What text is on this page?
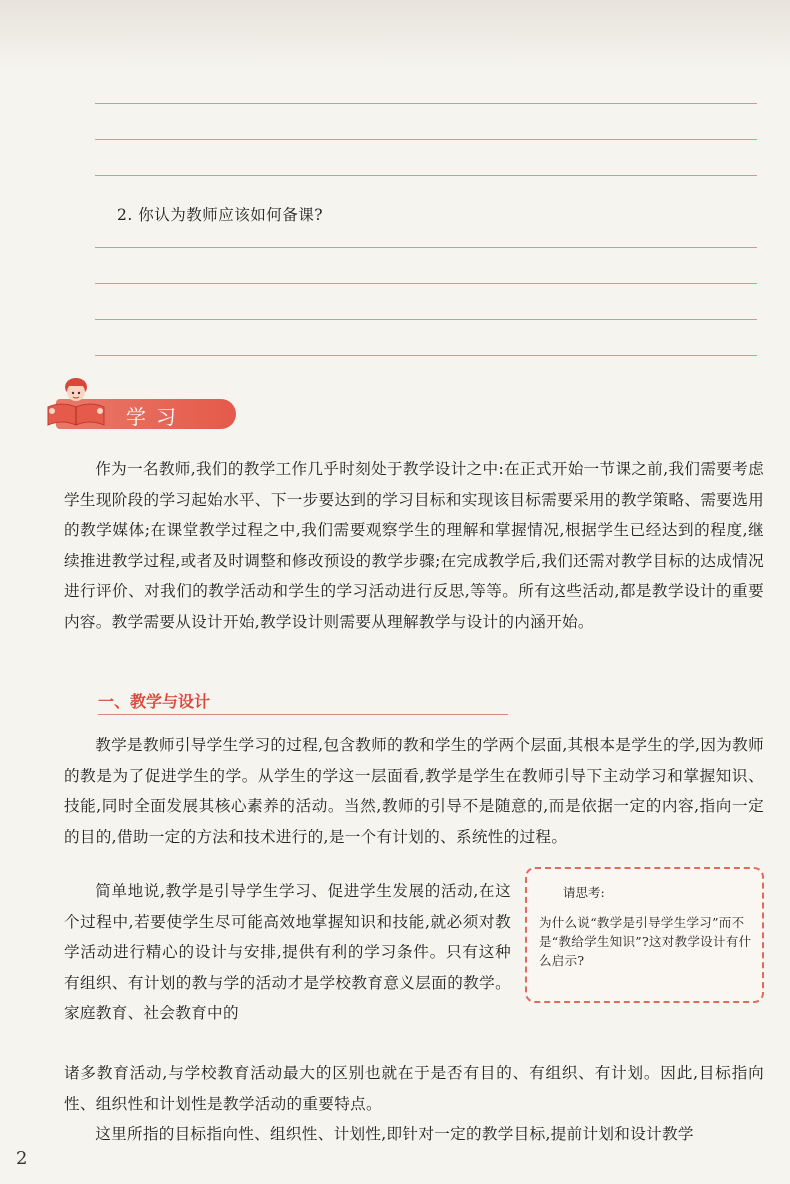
2. 你认为教师应该如何备课?
学习
作为一名教师,我们的教学工作几乎时刻处于教学设计之中:在正式开始一节课之前,我们需要考虑学生现阶段的学习起始水平、下一步要达到的学习目标和实现该目标需要采用的教学策略、需要选用的教学媒体;在课堂教学过程之中,我们需要观察学生的理解和掌握情况,根据学生已经达到的程度,继续推进教学过程,或者及时调整和修改预设的教学步骤;在完成教学后,我们还需对教学目标的达成情况进行评价、对我们的教学活动和学生的学习活动进行反思,等等。所有这些活动,都是教学设计的重要内容。教学需要从设计开始,教学设计则需要从理解教学与设计的内涵开始。
一、教学与设计
教学是教师引导学生学习的过程,包含教师的教和学生的学两个层面,其根本是学生的学,因为教师的教是为了促进学生的学。从学生的学这一层面看,教学是学生在教师引导下主动学习和掌握知识、技能,同时全面发展其核心素养的活动。当然,教师的引导不是随意的,而是依据一定的内容,指向一定的目的,借助一定的方法和技术进行的,是一个有计划的、系统性的过程。
简单地说,教学是引导学生学习、促进学生发展的活动,在这个过程中,若要使学生尽可能高效地掌握知识和技能,就必须对教学活动进行精心的设计与安排,提供有利的学习条件。只有这种有组织、有计划的教与学的活动才是学校教育意义层面的教学。家庭教育、社会教育中的
诸多教育活动,与学校教育活动最大的区别也就在于是否有目的、有组织、有计划。因此,目标指向性、组织性和计划性是教学活动的重要特点。
这里所指的目标指向性、组织性、计划性,即针对一定的教学目标,提前计划和设计教学
请思考:
为什么说“教学是引导学生学习”而不是“教给学生知识”?这对教学设计有什么启示?
2
